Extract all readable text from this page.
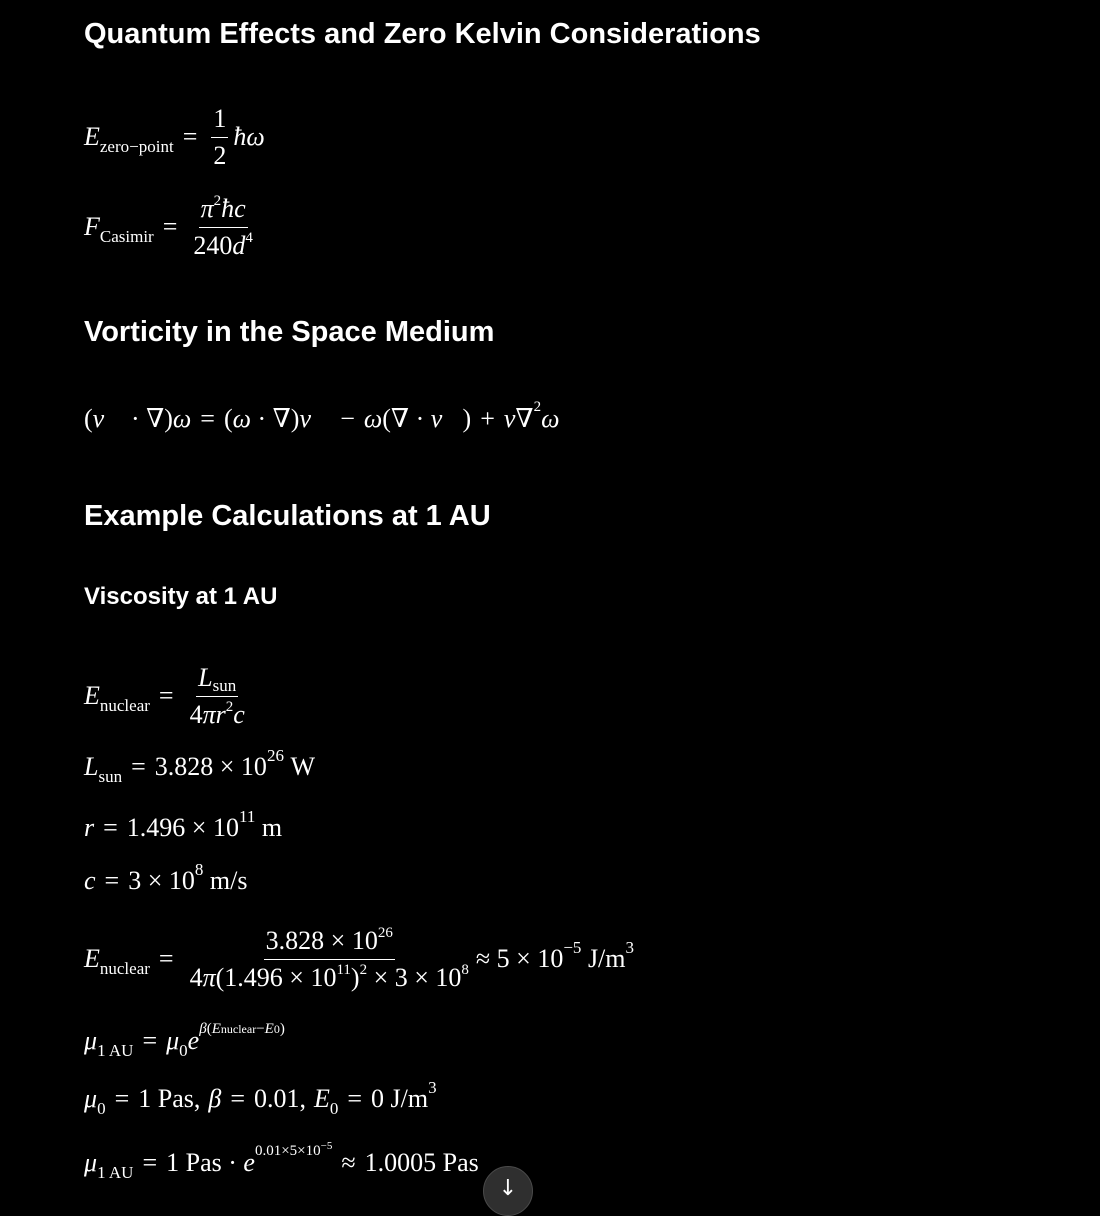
Quantum Effects and Zero Kelvin Considerations
E zero−point = $\frac{1}{2}$ ħω
F Casimir = $\frac{\pi^2ħc}{240d^4}$
Vorticity in the Space Medium
( v⃗ · ∇) ω = ( ω · ∇) v⃗ − ω (∇ · v⃗ ) + ν ∇ 2 ω
Example Calculations at 1 AU
Viscosity at 1 AU
E nuclear = $\frac{\text{Lsun}}{4\pi r^2c}$
L sun = 3.828 × 10 26 W
r = 1.496 × 10 11 m
c = 3 × 10 8 m/s
E nuclear = $\frac{3.828 \times 10^{26}}{4\pi(1.496 \times 10^{11})^2 \times 3 \times 10^8} \approx 5 \times 10 -5$ J/m 3
μ 1 AU = μ 0 e β(Enuclear−E0)
μ 0 = 1 Pas, β = 0.01, E 0 = 0 J/m 3
μ 1 AU = 1 Pas · e $0.01\times 5\times 10^{-5}$
≈ 1.0005 Pas
↓
